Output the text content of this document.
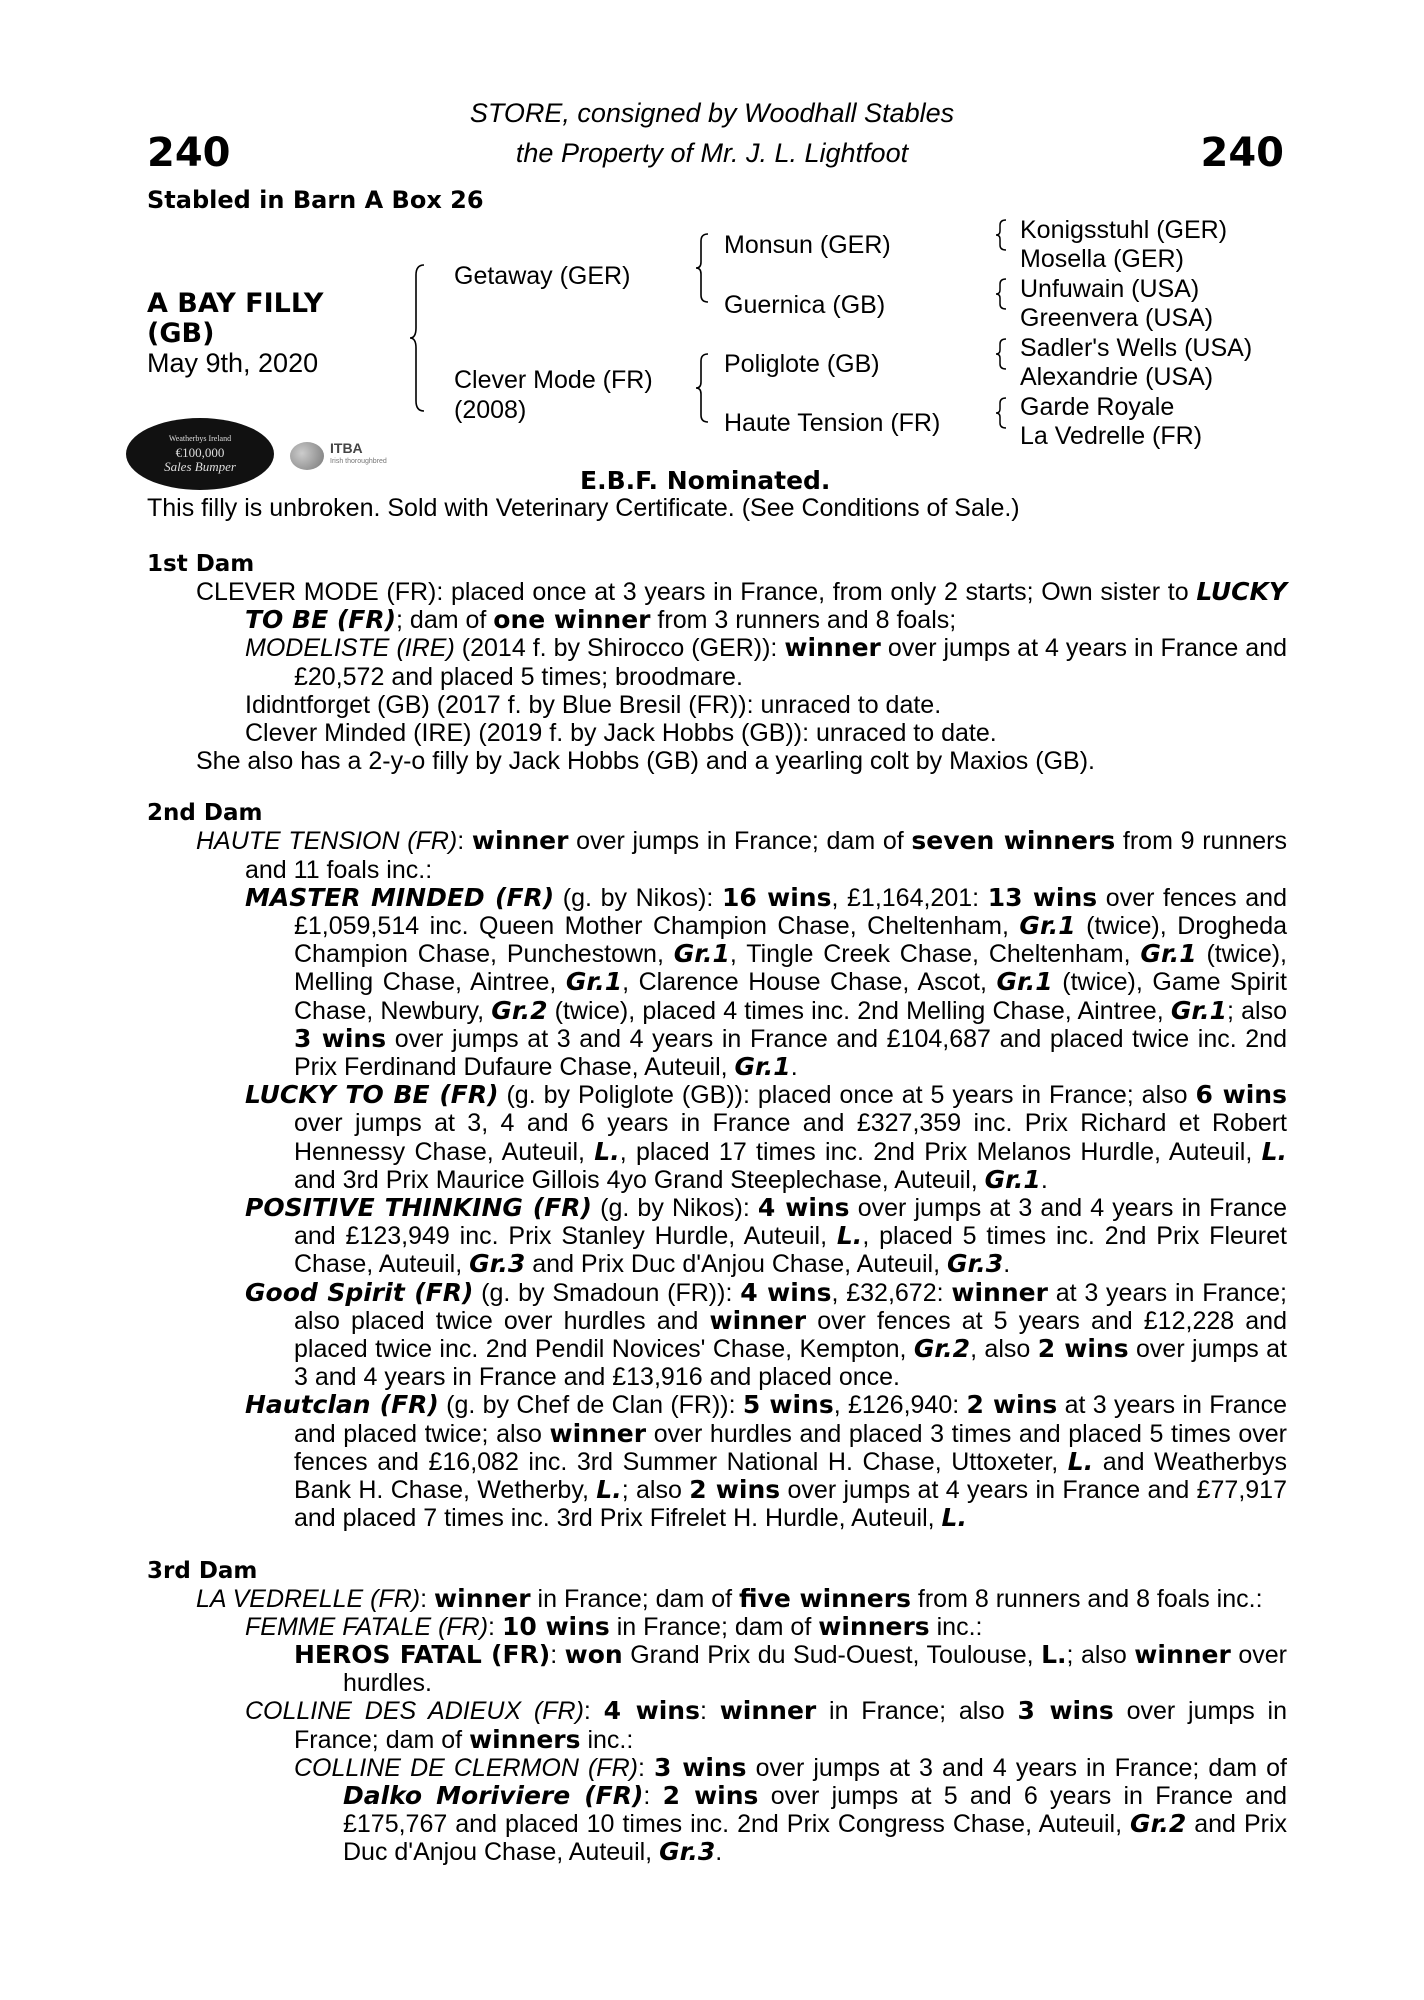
240	240
STORE, consigned by Woodhall Stables
the Property of Mr. J. L. Lightfoot
Stabled in Barn A Box 26
A BAY FILLY
(GB)
May 9th, 2020
Getaway (GER)
Clever Mode (FR)
(2008)
Monsun (GER)
Guernica (GB)
Poliglote (GB)
Haute Tension (FR)
Konigsstuhl (GER)
Mosella (GER)
Unfuwain (USA)
Greenvera (USA)
Sadler's Wells (USA)
Alexandrie (USA)
Garde Royale
La Vedrelle (FR)
Weatherbys Ireland
€100,000
Sales Bumper
ITBA
Irish thoroughbred
E.B.F. Nominated.
This filly is unbroken. Sold with Veterinary Certificate. (See Conditions of Sale.)
1st Dam
CLEVER MODE (FR): placed once at 3 years in France, from only 2 starts; Own sister to LUCKY TO BE (FR); dam of one winner from 3 runners and 8 foals;
MODELISTE (IRE) (2014 f. by Shirocco (GER)): winner over jumps at 4 years in France and £20,572 and placed 5 times; broodmare.
Ididntforget (GB) (2017 f. by Blue Bresil (FR)): unraced to date.
Clever Minded (IRE) (2019 f. by Jack Hobbs (GB)): unraced to date.
She also has a 2-y-o filly by Jack Hobbs (GB) and a yearling colt by Maxios (GB).
2nd Dam
HAUTE TENSION (FR): winner over jumps in France; dam of seven winners from 9 runners and 11 foals inc.:
MASTER MINDED (FR) (g. by Nikos): 16 wins, £1,164,201: 13 wins over fences and £1,059,514 inc. Queen Mother Champion Chase, Cheltenham, Gr.1 (twice), Drogheda Champion Chase, Punchestown, Gr.1, Tingle Creek Chase, Cheltenham, Gr.1 (twice), Melling Chase, Aintree, Gr.1, Clarence House Chase, Ascot, Gr.1 (twice), Game Spirit Chase, Newbury, Gr.2 (twice), placed 4 times inc. 2nd Melling Chase, Aintree, Gr.1; also 3 wins over jumps at 3 and 4 years in France and £104,687 and placed twice inc. 2nd Prix Ferdinand Dufaure Chase, Auteuil, Gr.1.
LUCKY TO BE (FR) (g. by Poliglote (GB)): placed once at 5 years in France; also 6 wins over jumps at 3, 4 and 6 years in France and £327,359 inc. Prix Richard et Robert Hennessy Chase, Auteuil, L., placed 17 times inc. 2nd Prix Melanos Hurdle, Auteuil, L. and 3rd Prix Maurice Gillois 4yo Grand Steeplechase, Auteuil, Gr.1.
POSITIVE THINKING (FR) (g. by Nikos): 4 wins over jumps at 3 and 4 years in France and £123,949 inc. Prix Stanley Hurdle, Auteuil, L., placed 5 times inc. 2nd Prix Fleuret Chase, Auteuil, Gr.3 and Prix Duc d'Anjou Chase, Auteuil, Gr.3.
Good Spirit (FR) (g. by Smadoun (FR)): 4 wins, £32,672: winner at 3 years in France; also placed twice over hurdles and winner over fences at 5 years and £12,228 and placed twice inc. 2nd Pendil Novices' Chase, Kempton, Gr.2, also 2 wins over jumps at 3 and 4 years in France and £13,916 and placed once.
Hautclan (FR) (g. by Chef de Clan (FR)): 5 wins, £126,940: 2 wins at 3 years in France and placed twice; also winner over hurdles and placed 3 times and placed 5 times over fences and £16,082 inc. 3rd Summer National H. Chase, Uttoxeter, L. and Weatherbys Bank H. Chase, Wetherby, L.; also 2 wins over jumps at 4 years in France and £77,917 and placed 7 times inc. 3rd Prix Fifrelet H. Hurdle, Auteuil, L.
3rd Dam
LA VEDRELLE (FR): winner in France; dam of five winners from 8 runners and 8 foals inc.:
FEMME FATALE (FR): 10 wins in France; dam of winners inc.:
HEROS FATAL (FR): won Grand Prix du Sud-Ouest, Toulouse, L.; also winner over hurdles.
COLLINE DES ADIEUX (FR): 4 wins: winner in France; also 3 wins over jumps in France; dam of winners inc.:
COLLINE DE CLERMON (FR): 3 wins over jumps at 3 and 4 years in France; dam of Dalko Moriviere (FR): 2 wins over jumps at 5 and 6 years in France and £175,767 and placed 10 times inc. 2nd Prix Congress Chase, Auteuil, Gr.2 and Prix Duc d'Anjou Chase, Auteuil, Gr.3.
